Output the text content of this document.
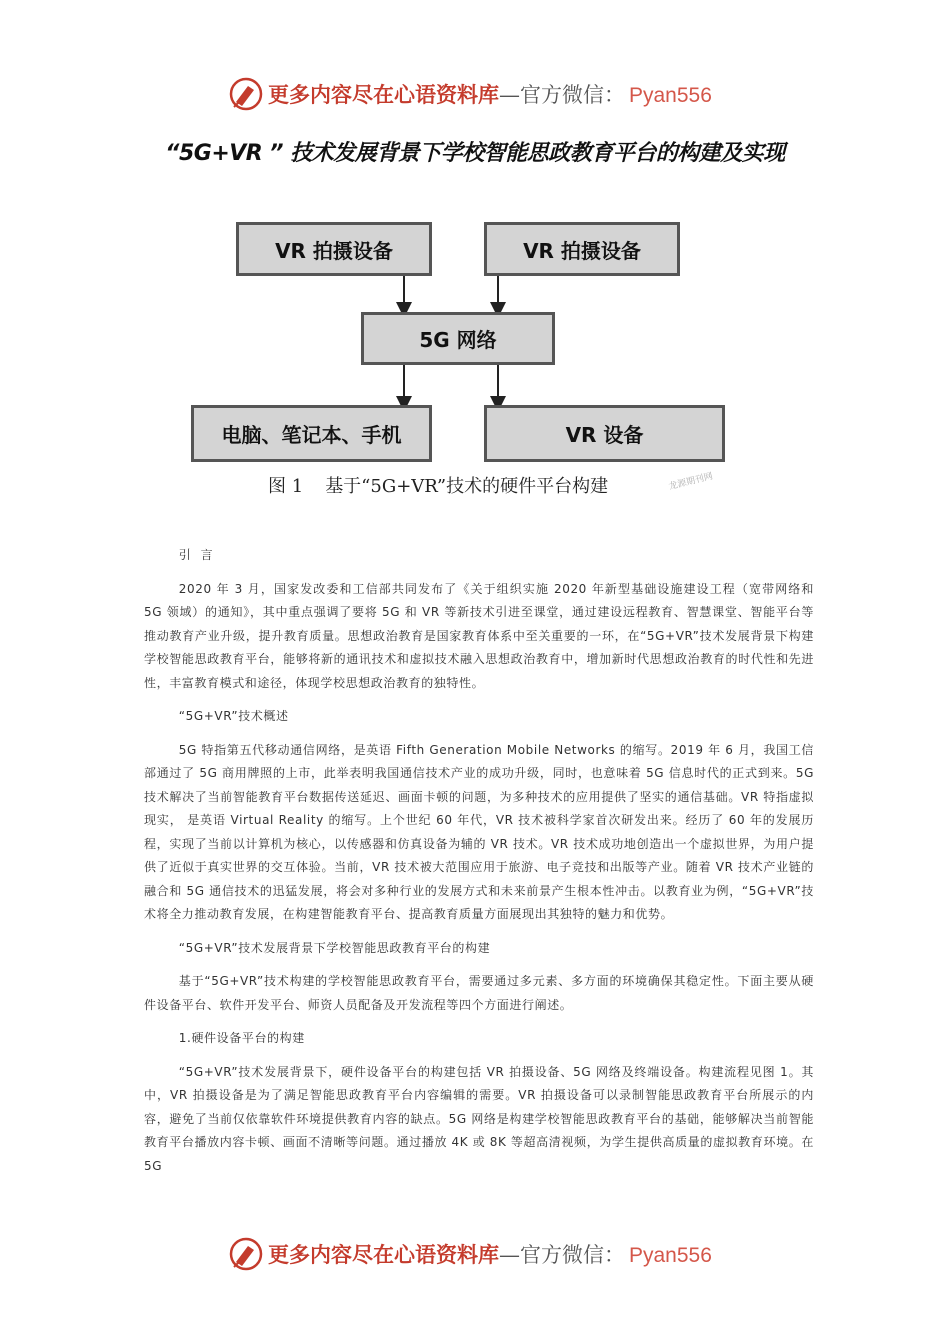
更多内容尽在心语资料库—官方微信： Pyan556
“5G+VR ” 技术发展背景下学校智能思政教育平台的构建及实现
VR 拍摄设备	VR 拍摄设备
5G 网络
电脑、笔记本、手机	VR 设备
图 1 基于“5G+VR”技术的硬件平台构建	龙源期刊网

引 言

2020 年 3 月，国家发改委和工信部共同发布了《关于组织实施 2020 年新型基础设施建设工程（宽带网络和 5G 领域）的通知》，其中重点强调了要将 5G 和 VR 等新技术引进至课堂，通过建设远程教育、智慧课堂、智能平台等推动教育产业升级，提升教育质量。思想政治教育是国家教育体系中至关重要的一环，在“5G+VR”技术发展背景下构建学校智能思政教育平台，能够将新的通讯技术和虚拟技术融入思想政治教育中，增加新时代思想政治教育的时代性和先进性，丰富教育模式和途径，体现学校思想政治教育的独特性。

“5G+VR”技术概述

5G 特指第五代移动通信网络，是英语 Fifth Generation Mobile Networks 的缩写。2019 年 6 月，我国工信部通过了 5G 商用牌照的上市，此举表明我国通信技术产业的成功升级，同时，也意味着 5G 信息时代的正式到来。5G 技术解决了当前智能教育平台数据传送延迟、画面卡顿的问题，为多种技术的应用提供了坚实的通信基础。VR 特指虚拟现实， 是英语 Virtual Reality 的缩写。上个世纪 60 年代，VR 技术被科学家首次研发出来。经历了 60 年的发展历程，实现了当前以计算机为核心，以传感器和仿真设备为辅的 VR 技术。VR 技术成功地创造出一个虚拟世界，为用户提供了近似于真实世界的交互体验。当前，VR 技术被大范围应用于旅游、电子竞技和出版等产业。随着 VR 技术产业链的融合和 5G 通信技术的迅猛发展，将会对多种行业的发展方式和未来前景产生根本性冲击。以教育业为例，“5G+VR”技术将全力推动教育发展，在构建智能教育平台、提高教育质量方面展现出其独特的魅力和优势。

“5G+VR”技术发展背景下学校智能思政教育平台的构建

基于“5G+VR”技术构建的学校智能思政教育平台，需要通过多元素、多方面的环境确保其稳定性。下面主要从硬件设备平台、软件开发平台、师资人员配备及开发流程等四个方面进行阐述。

1.硬件设备平台的构建

“5G+VR”技术发展背景下，硬件设备平台的构建包括 VR 拍摄设备、5G 网络及终端设备。构建流程见图 1。其中，VR 拍摄设备是为了满足智能思政教育平台内容编辑的需要。VR 拍摄设备可以录制智能思政教育平台所展示的内容，避免了当前仅依靠软件环境提供教育内容的缺点。5G 网络是构建学校智能思政教育平台的基础，能够解决当前智能教育平台播放内容卡顿、画面不清晰等问题。通过播放 4K 或 8K 等超高清视频，为学生提供高质量的虚拟教育环境。在 5G

更多内容尽在心语资料库—官方微信： Pyan556
